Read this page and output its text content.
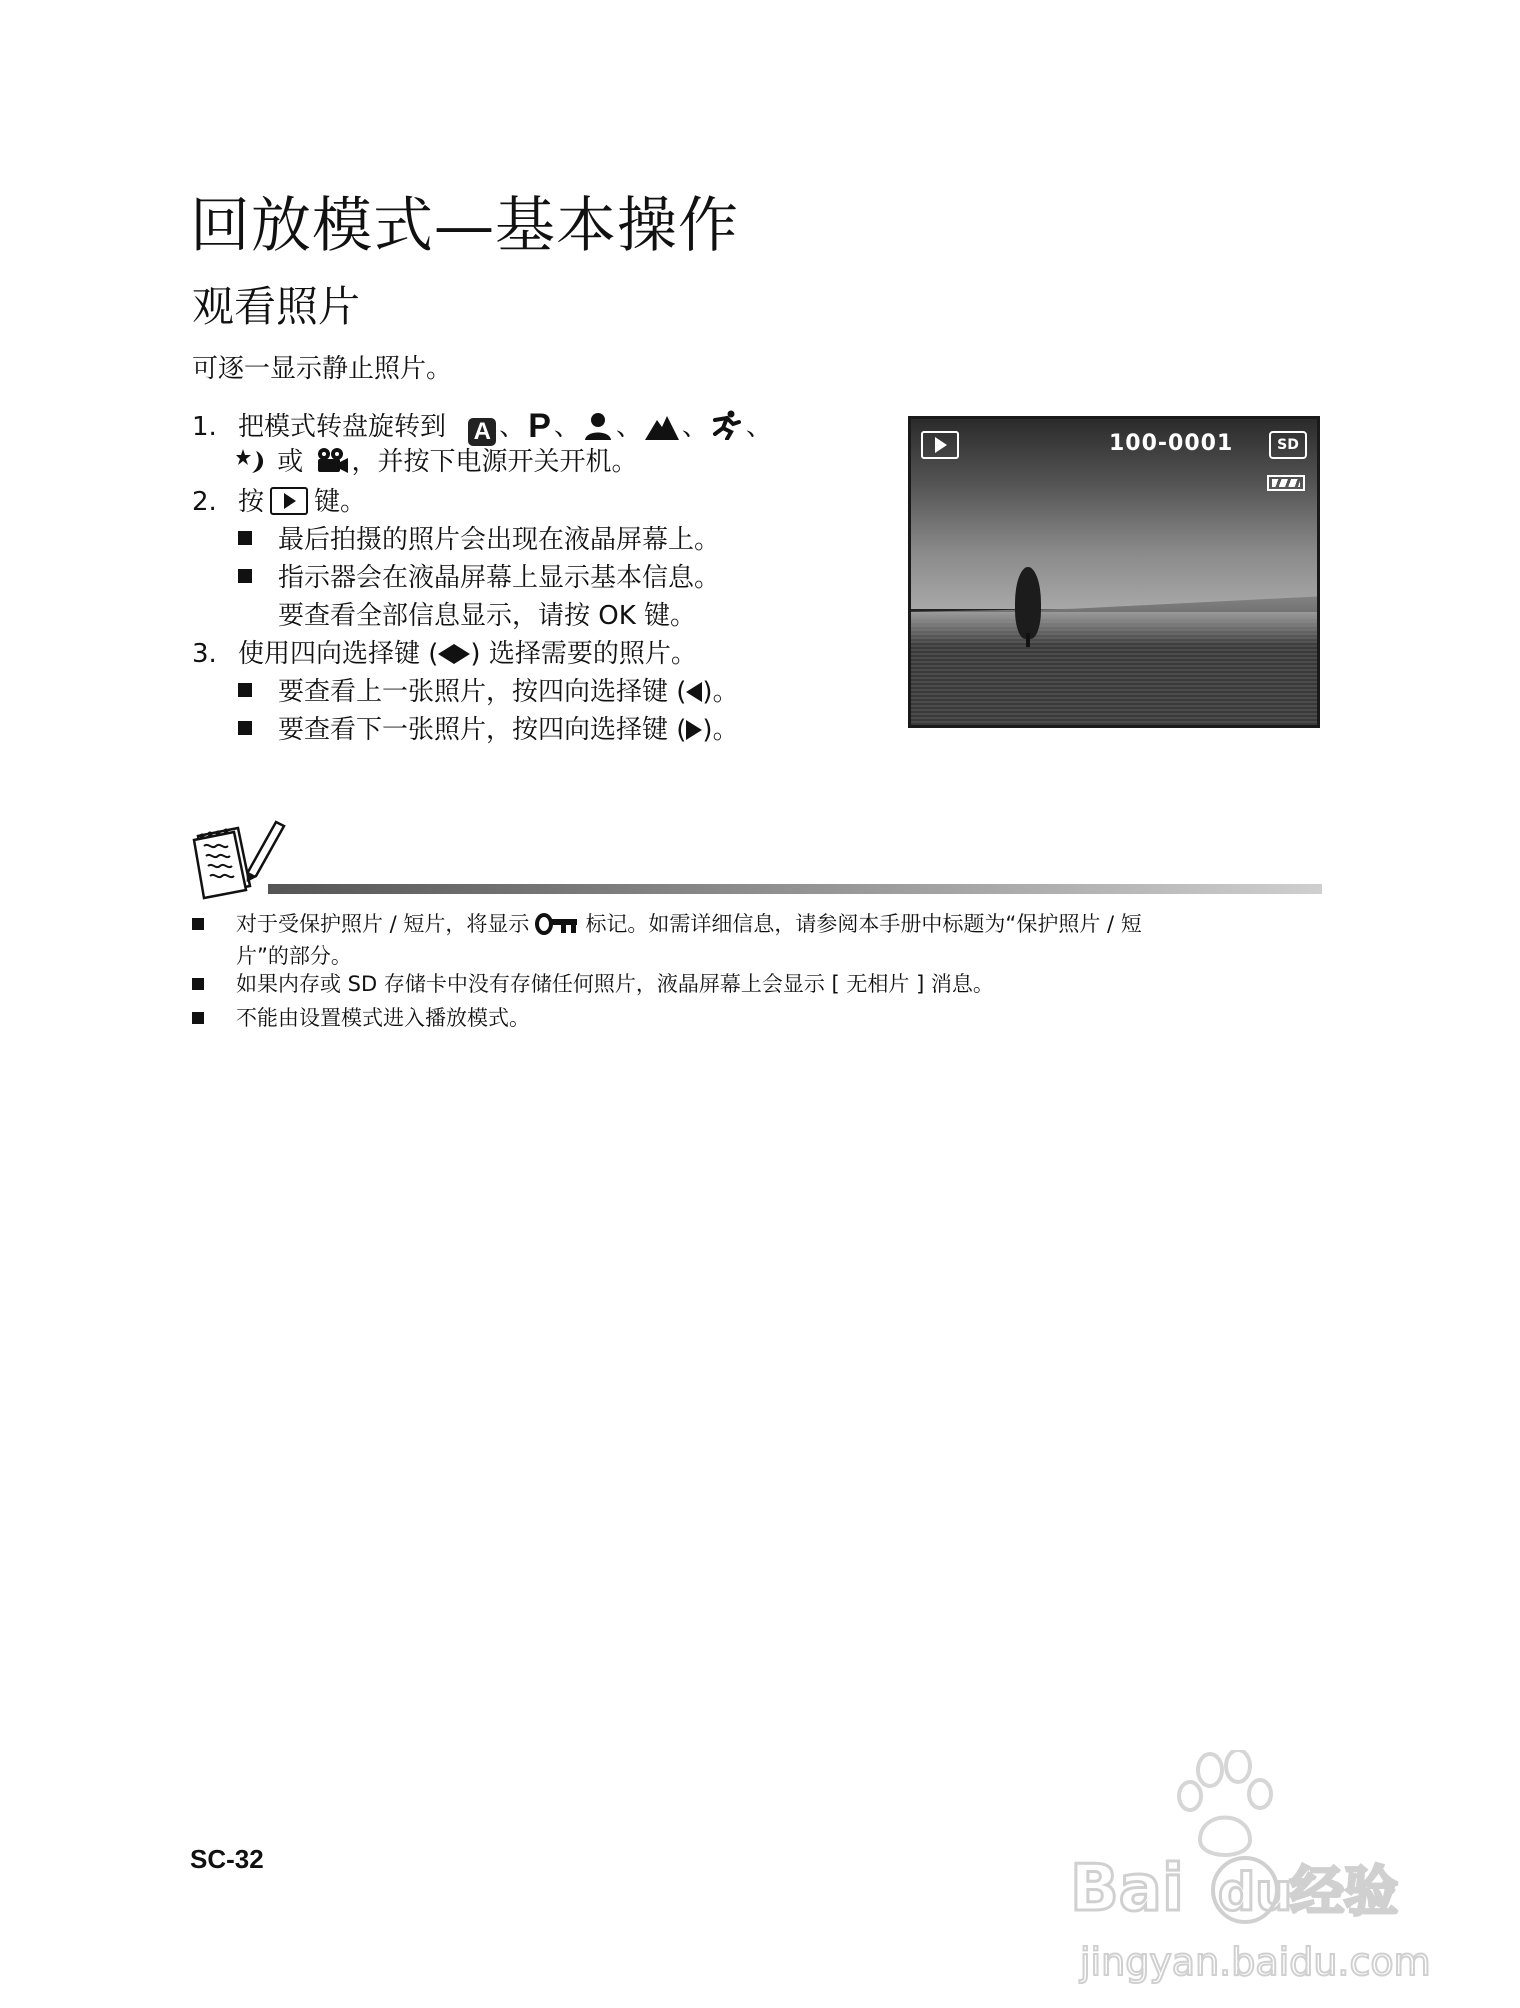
回放模式—基本操作
观看照片
可逐一显示静止照片。
1. 把模式转盘旋转到 A 、P 、 、 、 、
或 ，并按下电源开关开机。
2. 按 键。
最后拍摄的照片会出现在液晶屏幕上。
指示器会在液晶屏幕上显示基本信息。
要查看全部信息显示，请按 OK 键。
3. 使用四向选择键 ( ) 选择需要的照片。
要查看上一张照片，按四向选择键 ( )。
要查看下一张照片，按四向选择键 ( )。
100-0001	SD
对于受保护照片 / 短片，将显示	标记。如需详细信息，请参阅本手册中标题为“保护照片 / 短
片”的部分。
如果内存或 SD 存储卡中没有存储任何照片，液晶屏幕上会显示 [ 无相片 ] 消息。
不能由设置模式进入播放模式。
SC-32	Bai du
经验
jingyan.baidu.com
